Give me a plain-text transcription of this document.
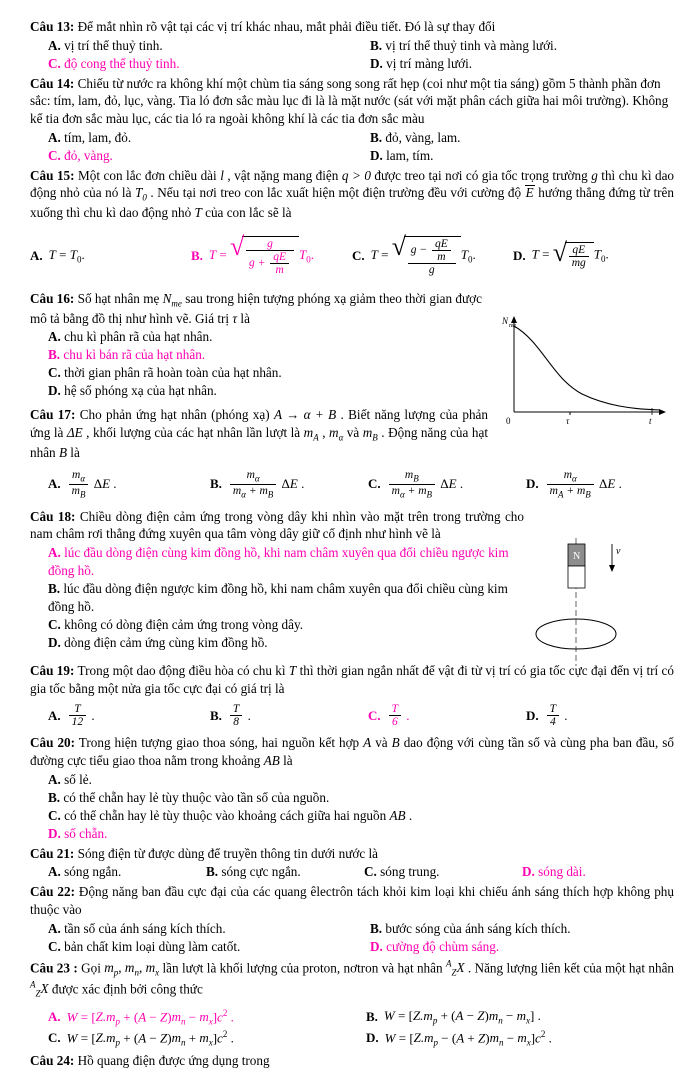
Câu 13: Để mắt nhìn rõ vật tại các vị trí khác nhau, mắt phải điều tiết. Đó là sự thay đổi
A. vị trí thể thuỷ tinh.	B. vị trí thể thuỷ tinh và màng lưới.
C. độ cong thể thuỷ tinh.	D. vị trí màng lưới.
Câu 14: Chiếu từ nước ra không khí một chùm tia sáng song song rất hẹp (coi như một tia sáng) gồm 5 thành phần đơn sắc: tím, lam, đỏ, lục, vàng. Tia ló đơn sắc màu lục đi là là mặt nước (sát với mặt phân cách giữa hai môi trường). Không kể tia đơn sắc màu lục, các tia ló ra ngoài không khí là các tia đơn sắc màu
A. tím, lam, đỏ.	B. đỏ, vàng, lam.
C. đỏ, vàng.	D. lam, tím.
Câu 15: Một con lắc đơn chiều dài l , vật nặng mang điện q > 0 được treo tại nơi có gia tốc trọng trường g thì chu kì dao động nhỏ của nó là $T_0$ . Nếu tại nơi treo con lắc xuất hiện một điện trường đều với cường độ E hướng thẳng đứng từ trên xuống thì chu kì dao động nhỏ T của con lắc sẽ là
A. $T = T_0$.	B. T = √ $\frac{g}{g + \frac{qE}{m}} T_0$.	C. T = √ $\frac{g - \frac{qE}{m}}{g} T_0$.	D. T = √ $\frac{qE}{mg} T_0$.
N mẹ
0	τ	t
Câu 16: Số hạt nhân mẹ $N_{me}$ sau trong hiện tượng phóng xạ giảm theo thời gian được mô tả bằng đồ thị như hình vẽ. Giá trị τ là
A. chu kì phân rã của hạt nhân.
B. chu kì bán rã của hạt nhân.
C. thời gian phân rã hoàn toàn của hạt nhân.
D. hệ số phóng xạ của hạt nhân.
Câu 17: Cho phản ứng hạt nhân (phóng xạ) A → α + B . Biết năng lượng của phản ứng là ΔE , khối lượng của các hạt nhân lần lượt là $m_A$ , $m_\alpha$ và $m_B$ . Động năng của hạt nhân B là
A. $\frac{m_\alpha}{m_B}$ ΔE .	B. $\frac{m_\alpha}{m_\alpha + m_B}$ ΔE .	C. $\frac{m_B}{m_\alpha + m_B}$ ΔE .	D. $\frac{m_\alpha}{m_A + m_B}$ ΔE .
N	v
Câu 18: Chiều dòng điện cảm ứng trong vòng dây khi nhìn vào mặt trên trong trường cho nam châm rơi thẳng đứng xuyên qua tâm vòng dây giữ cố định như hình vẽ là
A. lúc đầu dòng điện cùng kim đồng hồ, khi nam châm xuyên qua đổi chiều ngược kim đồng hồ.
B. lúc đầu dòng điện ngược kim đồng hồ, khi nam châm xuyên qua đổi chiều cùng kim đồng hồ.
C. không có dòng điện cảm ứng trong vòng dây.
D. dòng điện cảm ứng cùng kim đồng hồ.
Câu 19: Trong một dao động điều hòa có chu kì T thì thời gian ngắn nhất để vật đi từ vị trí có gia tốc cực đại đến vị trí có gia tốc bằng một nửa gia tốc cực đại có giá trị là
A. $\frac{T}{12}$ .	B. $\frac{T}{8}$ .	C. $\frac{T}{6}$ .	D. $\frac{T}{4}$ .
Câu 20: Trong hiện tượng giao thoa sóng, hai nguồn kết hợp A và B dao động với cùng tần số và cùng pha ban đầu, số đường cực tiểu giao thoa nằm trong khoảng AB là
A. số lẻ.
B. có thể chẵn hay lẻ tùy thuộc vào tần số của nguồn.
C. có thể chẵn hay lẻ tùy thuộc vào khoảng cách giữa hai nguồn AB .
D. số chẵn.
Câu 21: Sóng điện từ được dùng để truyền thông tin dưới nước là
A. sóng ngắn.	B. sóng cực ngắn.	C. sóng trung.	D. sóng dài.
Câu 22: Động năng ban đầu cực đại của các quang êlectrôn tách khỏi kim loại khi chiếu ánh sáng thích hợp không phụ thuộc vào
A. tần số của ánh sáng kích thích.	B. bước sóng của ánh sáng kích thích.
C. bản chất kim loại dùng làm catốt.	D. cường độ chùm sáng.
Câu 23 : Gọi $m_p$, $m_n$, $m_x$ lần lượt là khối lượng của proton, nơtron và hạt nhân $^A_Z$X . Năng lượng liên kết của một hạt nhân $^A_Z$X được xác định bởi công thức
A. $W = [Z.m_p + (A - Z)m_n - m_x]c^2$ .	B. $W = [Z.m_p + (A - Z)m_n - m_x]$ .
C. $W = [Z.m_p + (A - Z)m_n + m_x]c^2$ .	D. $W = [Z.m_p - (A + Z)m_n - m_x]c^2$ .
Câu 24: Hồ quang điện được ứng dụng trong
